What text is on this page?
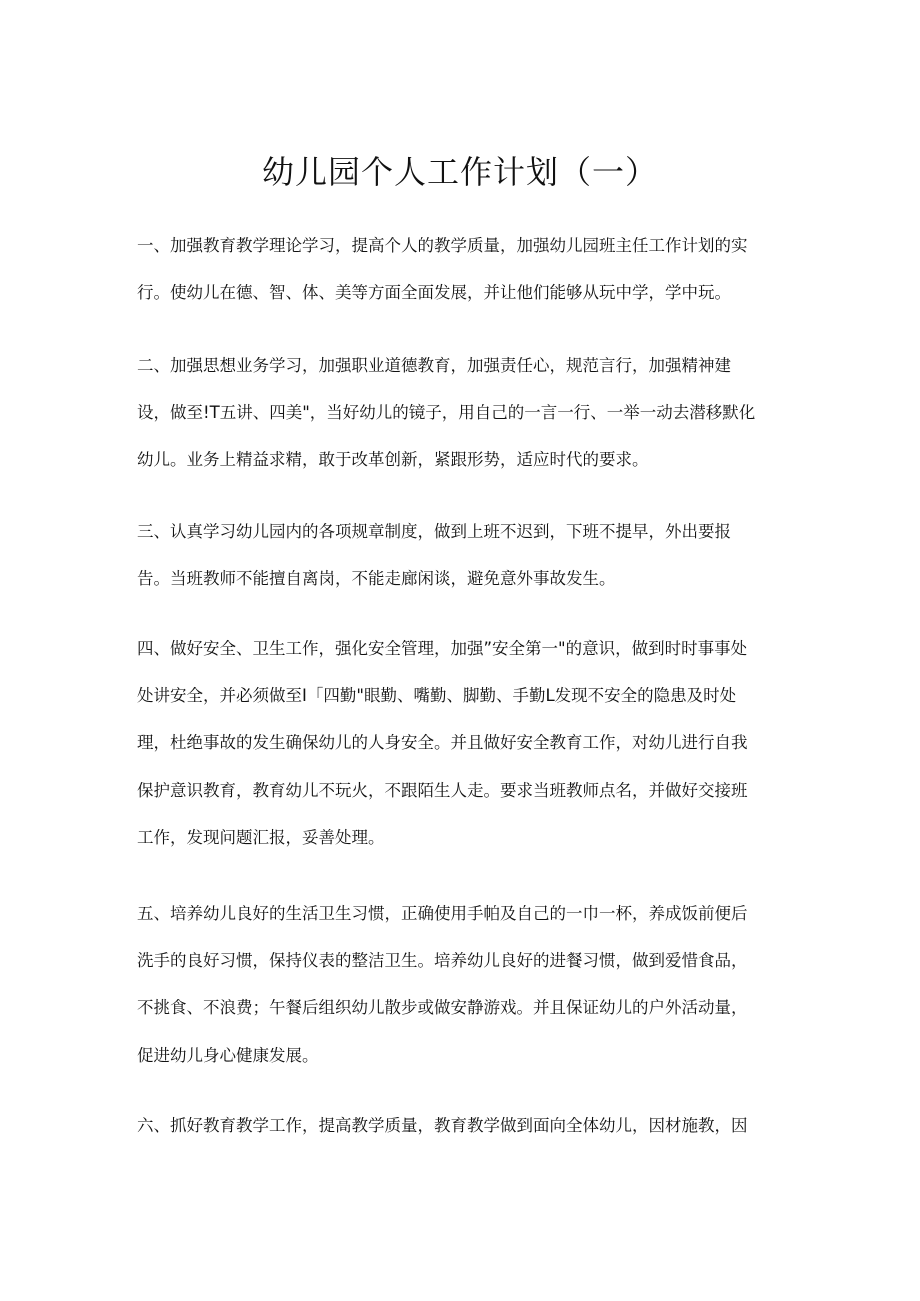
幼儿园个人工作计划（一）
一、加强教育教学理论学习，提高个人的教学质量，加强幼儿园班主任工作计划的实
行。使幼儿在德、智、体、美等方面全面发展，并让他们能够从玩中学，学中玩。
二、加强思想业务学习，加强职业道德教育，加强责任心，规范言行，加强精神建
设，做至!T五讲、四美"，当好幼儿的镜子，用自己的一言一行、一举一动去潜移默化
幼儿。业务上精益求精，敢于改革创新，紧跟形势，适应时代的要求。
三、认真学习幼儿园内的各项规章制度，做到上班不迟到，下班不提早，外出要报
告。当班教师不能擅自离岗，不能走廊闲谈，避免意外事故发生。
四、做好安全、卫生工作，强化安全管理，加强”安全第一"的意识，做到时时事事处
处讲安全，并必须做至I「四勤"眼勤、嘴勤、脚勤、手勤L发现不安全的隐患及时处
理，杜绝事故的发生确保幼儿的人身安全。并且做好安全教育工作，对幼儿进行自我
保护意识教育，教育幼儿不玩火，不跟陌生人走。要求当班教师点名，并做好交接班
工作，发现问题汇报，妥善处理。
五、培养幼儿良好的生活卫生习惯，正确使用手帕及自己的一巾一杯，养成饭前便后
洗手的良好习惯，保持仪表的整洁卫生。培养幼儿良好的进餐习惯，做到爱惜食品，
不挑食、不浪费；午餐后组织幼儿散步或做安静游戏。并且保证幼儿的户外活动量，
促进幼儿身心健康发展。
六、抓好教育教学工作，提高教学质量，教育教学做到面向全体幼儿，因材施教，因
